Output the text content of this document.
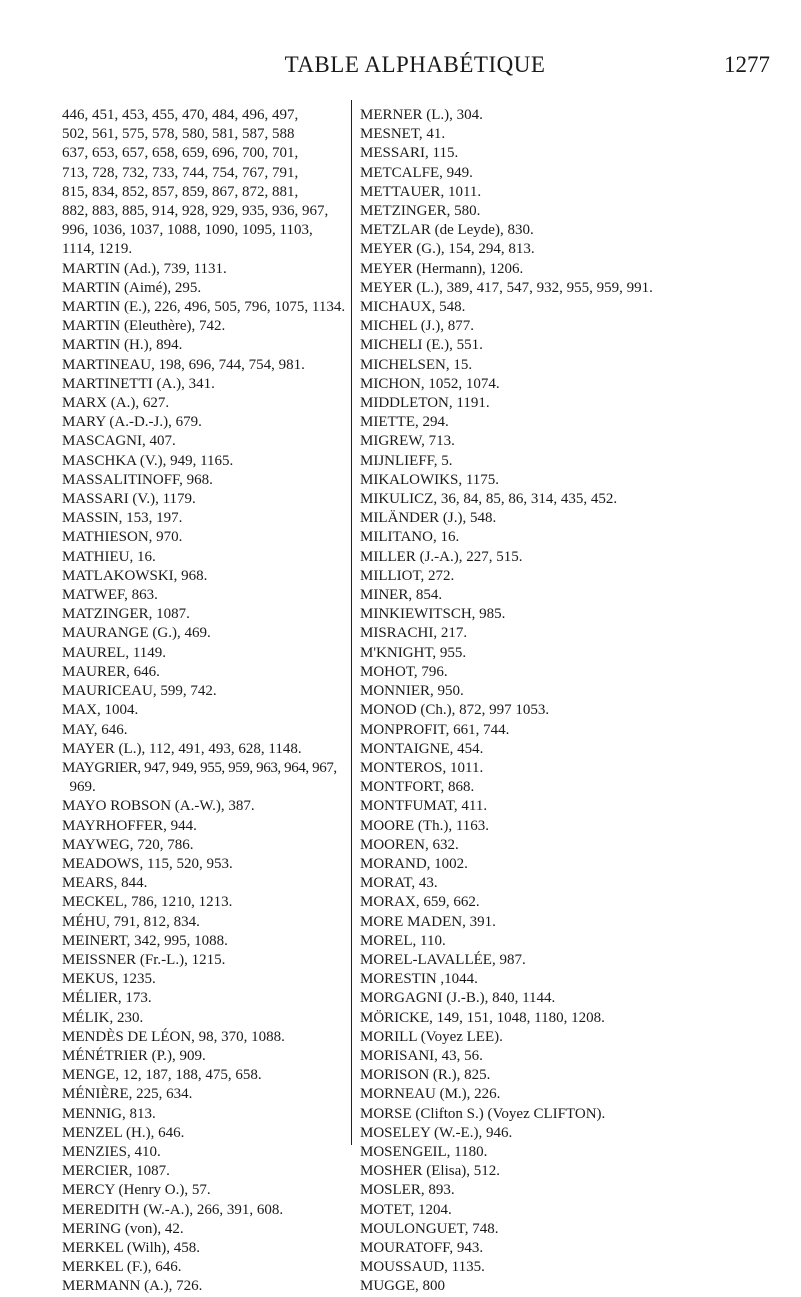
TABLE ALPHABÉTIQUE	1277

446, 451, 453, 455, 470, 484, 496, 497,

502, 561, 575, 578, 580, 581, 587, 588

637, 653, 657, 658, 659, 696, 700, 701,

713, 728, 732, 733, 744, 754, 767, 791,

815, 834, 852, 857, 859, 867, 872, 881,

882, 883, 885, 914, 928, 929, 935, 936, 967,

996, 1036, 1037, 1088, 1090, 1095, 1103,

1114, 1219.

MARTIN (Ad.), 739, 1131.

MARTIN (Aimé), 295.

MARTIN (E.), 226, 496, 505, 796, 1075, 1134.

MARTIN (Eleuthère), 742.

MARTIN (H.), 894.

MARTINEAU, 198, 696, 744, 754, 981.

MARTINETTI (A.), 341.

MARX (A.), 627.

MARY (A.-D.-J.), 679.

MASCAGNI, 407.

MASCHKA (V.), 949, 1165.

MASSALITINOFF, 968.

MASSARI (V.), 1179.

MASSIN, 153, 197.

MATHIESON, 970.

MATHIEU, 16.

MATLAKOWSKI, 968.

MATWEF, 863.

MATZINGER, 1087.

MAURANGE (G.), 469.

MAUREL, 1149.

MAURER, 646.

MAURICEAU, 599, 742.

MAX, 1004.

MAY, 646.

MAYER (L.), 112, 491, 493, 628, 1148.

MAYGRIER, 947, 949, 955, 959, 963, 964, 967,

969.

MAYO ROBSON (A.-W.), 387.

MAYRHOFFER, 944.

MAYWEG, 720, 786.

MEADOWS, 115, 520, 953.

MEARS, 844.

MECKEL, 786, 1210, 1213.

MÉHU, 791, 812, 834.

MEINERT, 342, 995, 1088.

MEISSNER (Fr.-L.), 1215.

MEKUS, 1235.

MÉLIER, 173.

MÉLIK, 230.

MENDÈS DE LÉON, 98, 370, 1088.

MÉNÉTRIER (P.), 909.

MENGE, 12, 187, 188, 475, 658.

MÉNIÈRE, 225, 634.

MENNIG, 813.

MENZEL (H.), 646.

MENZIES, 410.

MERCIER, 1087.

MERCY (Henry O.), 57.

MEREDITH (W.-A.), 266, 391, 608.

MERING (von), 42.

MERKEL (Wilh), 458.

MERKEL (F.), 646.

MERMANN (A.), 726.

MERNER (L.), 304.

MESNET, 41.

MESSARI, 115.

METCALFE, 949.

METTAUER, 1011.

METZINGER, 580.

METZLAR (de Leyde), 830.

MEYER (G.), 154, 294, 813.

MEYER (Hermann), 1206.

MEYER (L.), 389, 417, 547, 932, 955, 959, 991.

MICHAUX, 548.

MICHEL (J.), 877.

MICHELI (E.), 551.

MICHELSEN, 15.

MICHON, 1052, 1074.

MIDDLETON, 1191.

MIETTE, 294.

MIGREW, 713.

MIJNLIEFF, 5.

MIKALOWIKS, 1175.

MIKULICZ, 36, 84, 85, 86, 314, 435, 452.

MILÄNDER (J.), 548.

MILITANO, 16.

MILLER (J.-A.), 227, 515.

MILLIOT, 272.

MINER, 854.

MINKIEWITSCH, 985.

MISRACHI, 217.

M'KNIGHT, 955.

MOHOT, 796.

MONNIER, 950.

MONOD (Ch.), 872, 997 1053.

MONPROFIT, 661, 744.

MONTAIGNE, 454.

MONTEROS, 1011.

MONTFORT, 868.

MONTFUMAT, 411.

MOORE (Th.), 1163.

MOOREN, 632.

MORAND, 1002.

MORAT, 43.

MORAX, 659, 662.

MORE MADEN, 391.

MOREL, 110.

MOREL-LAVALLÉE, 987.

MORESTIN ,1044.

MORGAGNI (J.-B.), 840, 1144.

MÖRICKE, 149, 151, 1048, 1180, 1208.

MORILL (Voyez LEE).

MORISANI, 43, 56.

MORISON (R.), 825.

MORNEAU (M.), 226.

MORSE (Clifton S.) (Voyez CLIFTON).

MOSELEY (W.-E.), 946.

MOSENGEIL, 1180.

MOSHER (Elisa), 512.

MOSLER, 893.

MOTET, 1204.

MOULONGUET, 748.

MOURATOFF, 943.

MOUSSAUD, 1135.

MUGGE, 800
